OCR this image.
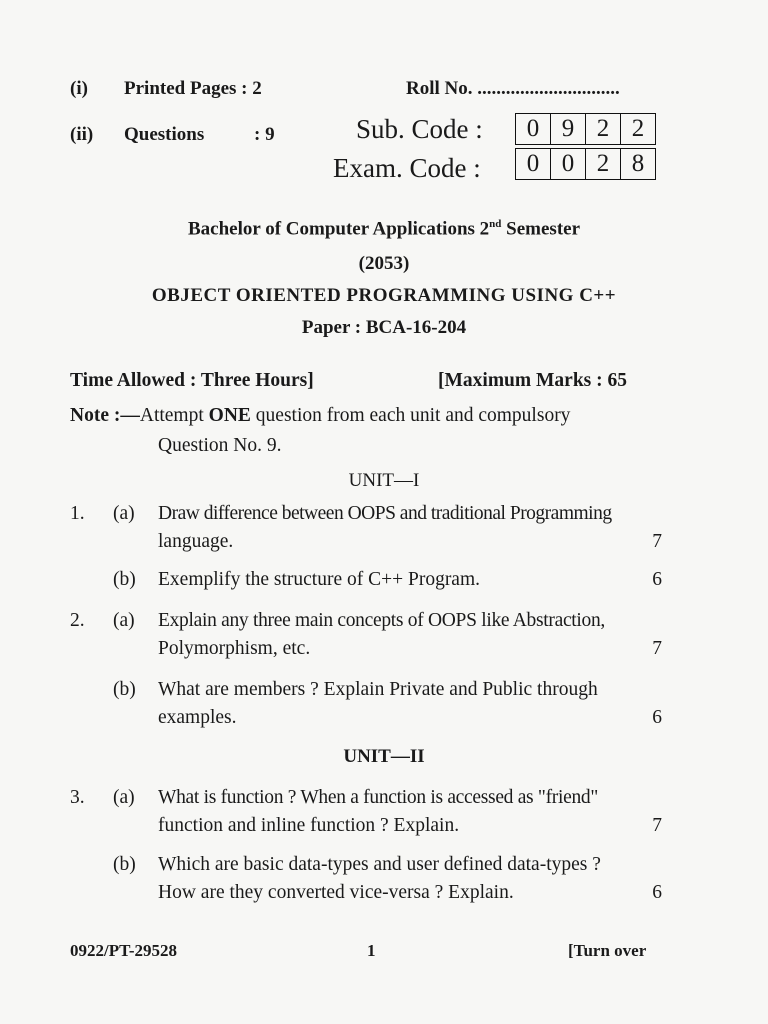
(i) Printed Pages : 2	Roll No. ..............................
(ii) Questions	: 9	Sub. Code :	0 9 2 2
Exam. Code :	0 0 2 8
Bachelor of Computer Applications 2nd Semester
(2053)
OBJECT ORIENTED PROGRAMMING USING C++
Paper : BCA-16-204
Time Allowed : Three Hours]	[Maximum Marks : 65
Note :—Attempt ONE question from each unit and compulsory
Question No. 9.
UNIT—I
1. (a) Draw difference between OOPS and traditional Programming
language.	7
(b) Exemplify the structure of C++ Program.	6
2. (a) Explain any three main concepts of OOPS like Abstraction,
Polymorphism, etc.	7
(b) What are members ? Explain Private and Public through
examples.	6
UNIT—II
3. (a) What is function ? When a function is accessed as "friend"
function and inline function ? Explain.	7
(b) Which are basic data-types and user defined data-types ?
How are they converted vice-versa ? Explain.	6
0922/PT-29528	1	[Turn over
